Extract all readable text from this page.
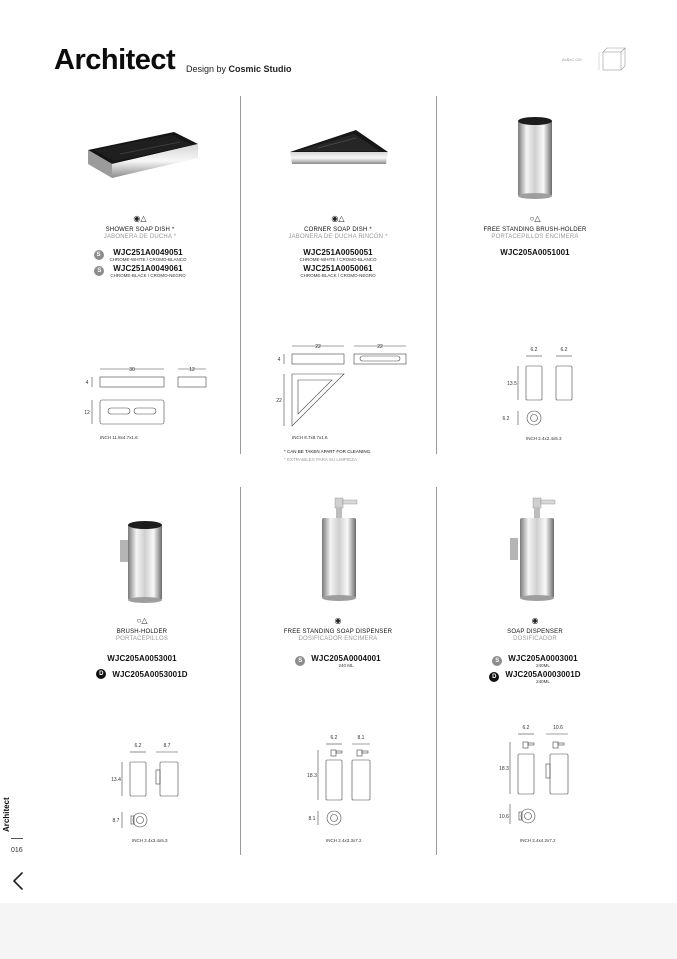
Architect Design by Cosmic Studio
AxBxC CM
◉△
SHOWER SOAP DISH *
JABONERA DE DUCHA *
S	WJC251A0049051
CHROME-WHITE / CROMO-BLANCO
S	WJC251A0049061
CHROME-BLACK / CROMO-NEGRO
◉△
CORNER SOAP DISH *
JABONERA DE DUCHA RINCÓN *
WJC251A0050051
CHROME-WHITE / CROMO-BLANCO
WJC251A0050061
CHROME-BLACK / CROMO-NEGRO
○△
FREE STANDING BRUSH-HOLDER
PORTACEPILLOS ENCIMERA
WJC205A0051001
30	12
4
12
INCH 11.8x4.7x1.6
22	22
4
22
INCH 8.7x8.7x1.6
* CAN BE TAKEN APART FOR CLEANING.
* EXTRAIBLES PARA SU LIMPIEZA.
6.2	6.2
13.5
6.2
INCH 2.4x2.4x5.3
○△
BRUSH-HOLDER
PORTACEPILLOS
WJC205A0053001
D	WJC205A0053001D
◉
FREE STANDING SOAP DISPENSER
DOSIFICADOR ENCIMERA
S	WJC205A0004001
240 ML
◉
SOAP DISPENSER
DOSIFICADOR
S	WJC205A0003001
240ML
D	WJC205A0003001D
240ML
6.2	8.7
13.4
8.7
INCH 2.4x3.4x5.3
6.2	8.1
18.3
8.1
INCH 2.4x3.3x7.2
6.2	10.6
18.3
10.6
INCH 2.4x4.2x7.2
Architect
016
